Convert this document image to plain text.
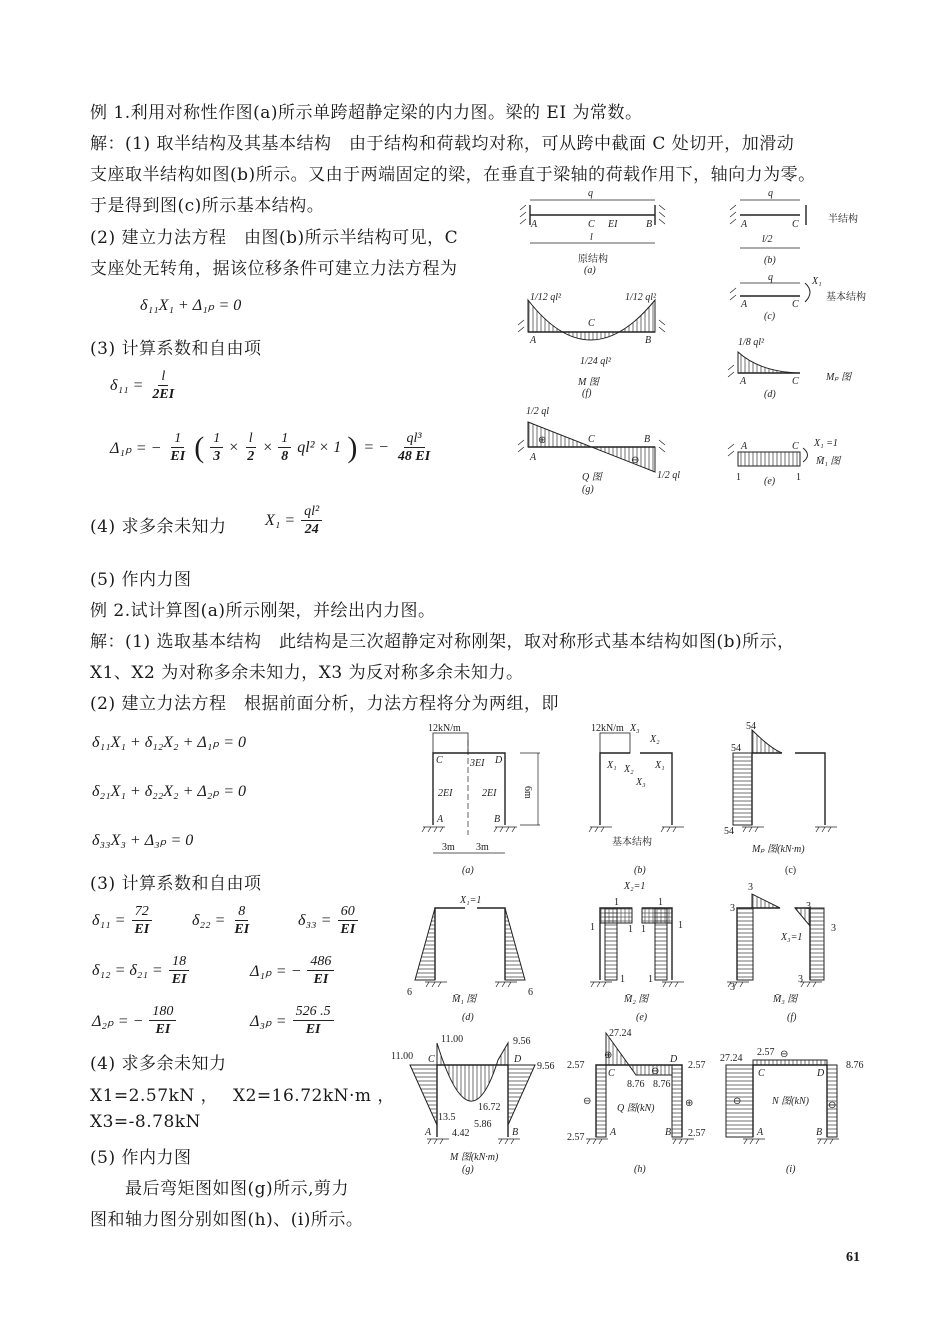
例 1.利用对称性作图(a)所示单跨超静定梁的内力图。梁的 EI 为常数。
解：(1) 取半结构及其基本结构　由于结构和荷载均对称，可从跨中截面 C 处切开，加滑动
支座取半结构如图(b)所示。又由于两端固定的梁，在垂直于梁轴的荷载作用下，轴向力为零。
于是得到图(c)所示基本结构。
(2) 建立力法方程　由图(b)所示半结构可见，C
支座处无转角，据该位移条件可建立力法方程为
δ₁₁X₁ + Δ₁ₚ = 0
(3) 计算系数和自由项
$\delta_{11} = \frac{l}{2EI}$
Δ₁ₚ = − $\frac{1}{EI}$ ( $\frac{1}{3} \times \frac{l}{2} \times \frac{1}{8} ql^2 \times 1$ ) = − $\frac{\text{ql³}}{48 EI}$
(4) 求多余未知力 $X_1 = \frac{\text{ql²}}{24}$
(5) 作内力图
例 2.试计算图(a)所示刚架，并绘出内力图。
解：(1) 选取基本结构　此结构是三次超静定对称刚架，取对称形式基本结构如图(b)所示，
X1、X2 为对称多余未知力，X3 为反对称多余未知力。
(2) 建立力法方程　根据前面分析，力法方程将分为两组，即
δ₁₁X₁ + δ₁₂X₂ + Δ₁ₚ = 0
δ₂₁X₁ + δ₂₂X₂ + Δ₂ₚ = 0
δ₃₃X₃ + Δ₃ₚ = 0
(3) 计算系数和自由项
$\delta_{11} = \frac{72}{EI} \delta_{22} = \frac{8}{EI}$	$\delta_{33} = \frac{60}{EI}$
$\delta_{12} = \delta_{21} = \frac{18}{EI}$	Δ₁ₚ = − $\frac{486}{EI}$
Δ₂ₚ = − $\frac{180}{EI}$	$\Delta_{3p} = \frac{526 .5}{EI}$
(4) 求多余未知力
X1=2.57kN ，　 X2=16.72kN·m ，
X3=-8.78kN
(5) 作内力图
　　最后弯矩图如图(g)所示,剪力
图和轴力图分别如图(h)、(i)所示。
61
q
A	C EI	B
l
原结构
(a)
q
A	C	半结构
l/2
(b)
q
A	C
X₁
基本结构
(c)
1/12 ql²	1/12 ql²
C
A	B
1/24 ql²
M 图
(f)
1/8 ql²
A	C	Mₚ 图
(d)
1/2 ql
⊕	C	B
⊖
A
1/2 ql
Q 图
(g)
A	C X₁ =1
M̄₁ 图
1	1
(e)
12kN/m
C	3EI D
2EI	2EI
A	B
6m
3m 3m
(a)
12kN/m X₃
X₂
X₁ X₂ X₁
X₃
基本结构
(b)
54
54
54
Mₚ 图(kN·m)
(c)
X₁=1
6	6
M̄₁ 图
(d)
X₂=1
1	1
1	1
1 1
1 1
M̄₂ 图
(e)
3
3	3
3
X₃=1
3
3
M̄₃ 图
(f)
11.00
11.00 C
9.56
D
9.56
13.5
16.72
5.86
4.42
A	B
M 图(kN·m)
(g)
27.24
⊕
2.57
C	⊖
D
2.57
8.76 8.76
⊖	⊕
Q 图(kN)
2.57	A	B 2.57
(h)
27.24
2.57 ⊖
8.76
C	D
⊖	N 图(kN) ⊖
A	B
(i)
